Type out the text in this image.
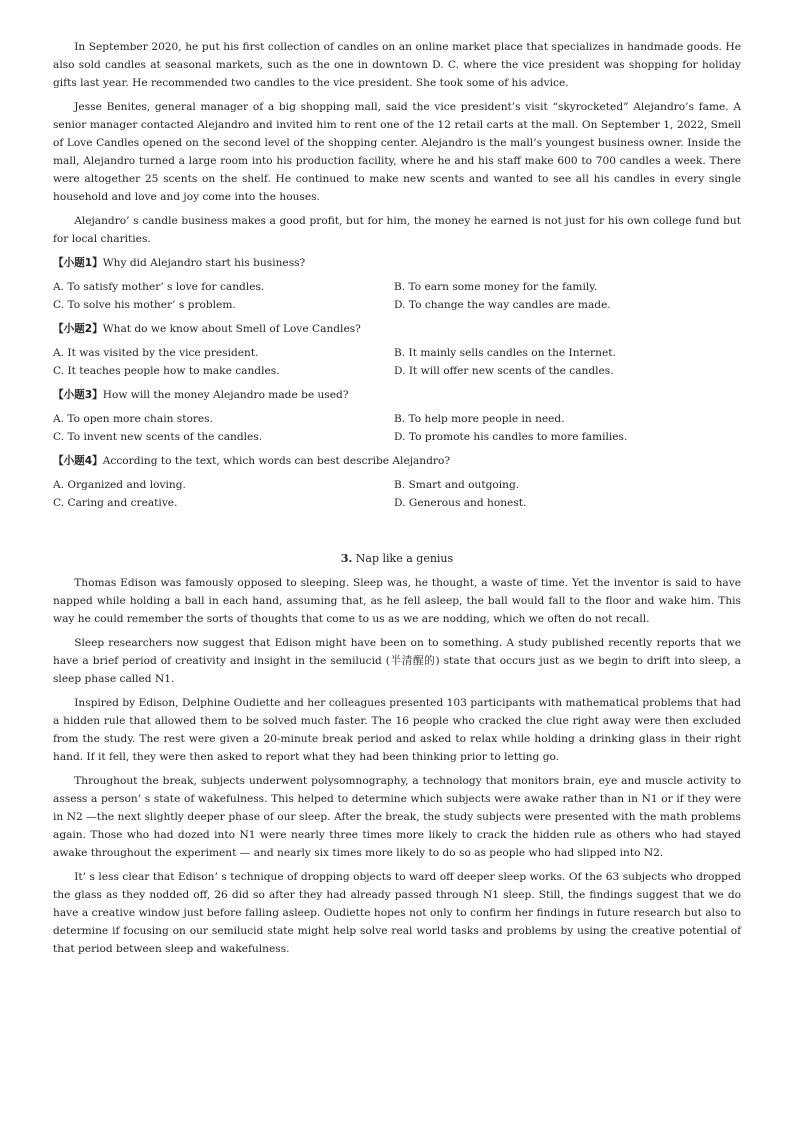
In September 2020, he put his first collection of candles on an online market place that specializes in handmade goods. He also sold candles at seasonal markets, such as the one in downtown D. C. where the vice president was shopping for holiday gifts last year. He recommended two candles to the vice president. She took some of his advice.

Jesse Benites, general manager of a big shopping mall, said the vice president’s visit “skyrocketed” Alejandro’s fame. A senior manager contacted Alejandro and invited him to rent one of the 12 retail carts at the mall. On September 1, 2022, Smell of Love Candles opened on the second level of the shopping center. Alejandro is the mall’s youngest business owner. Inside the mall, Alejandro turned a large room into his production facility, where he and his staff make 600 to 700 candles a week. There were altogether 25 scents on the shelf. He continued to make new scents and wanted to see all his candles in every single household and love and joy come into the houses.

Alejandro’ s candle business makes a good profit, but for him, the money he earned is not just for his own college fund but for local charities.

【小题1】Why did Alejandro start his business?
A. To satisfy mother’ s love for candles.	B. To earn some money for the family.
C. To solve his mother’ s problem.	D. To change the way candles are made.
【小题2】What do we know about Smell of Love Candles?
A. It was visited by the vice president.	B. It mainly sells candles on the Internet.
C. It teaches people how to make candles.	D. It will offer new scents of the candles.
【小题3】How will the money Alejandro made be used?
A. To open more chain stores.	B. To help more people in need.
C. To invent new scents of the candles.	D. To promote his candles to more families.
【小题4】According to the text, which words can best describe Alejandro?
A. Organized and loving.	B. Smart and outgoing.
C. Caring and creative.	D. Generous and honest.
3. Nap like a genius

Thomas Edison was famously opposed to sleeping. Sleep was, he thought, a waste of time. Yet the inventor is said to have napped while holding a ball in each hand, assuming that, as he fell asleep, the ball would fall to the floor and wake him. This way he could remember the sorts of thoughts that come to us as we are nodding, which we often do not recall.

Sleep researchers now suggest that Edison might have been on to something. A study published recently reports that we have a brief period of creativity and insight in the semilucid (半清醒的) state that occurs just as we begin to drift into sleep, a sleep phase called N1.

Inspired by Edison, Delphine Oudiette and her colleagues presented 103 participants with mathematical problems that had a hidden rule that allowed them to be solved much faster. The 16 people who cracked the clue right away were then excluded from the study. The rest were given a 20-minute break period and asked to relax while holding a drinking glass in their right hand. If it fell, they were then asked to report what they had been thinking prior to letting go.

Throughout the break, subjects underwent polysomnography, a technology that monitors brain, eye and muscle activity to assess a person’ s state of wakefulness. This helped to determine which subjects were awake rather than in N1 or if they were in N2 —the next slightly deeper phase of our sleep. After the break, the study subjects were presented with the math problems again. Those who had dozed into N1 were nearly three times more likely to crack the hidden rule as others who had stayed awake throughout the experiment — and nearly six times more likely to do so as people who had slipped into N2.

It’ s less clear that Edison’ s technique of dropping objects to ward off deeper sleep works. Of the 63 subjects who dropped the glass as they nodded off, 26 did so after they had already passed through N1 sleep. Still, the findings suggest that we do have a creative window just before falling asleep. Oudiette hopes not only to confirm her findings in future research but also to determine if focusing on our semilucid state might help solve real world tasks and problems by using the creative potential of that period between sleep and wakefulness.
